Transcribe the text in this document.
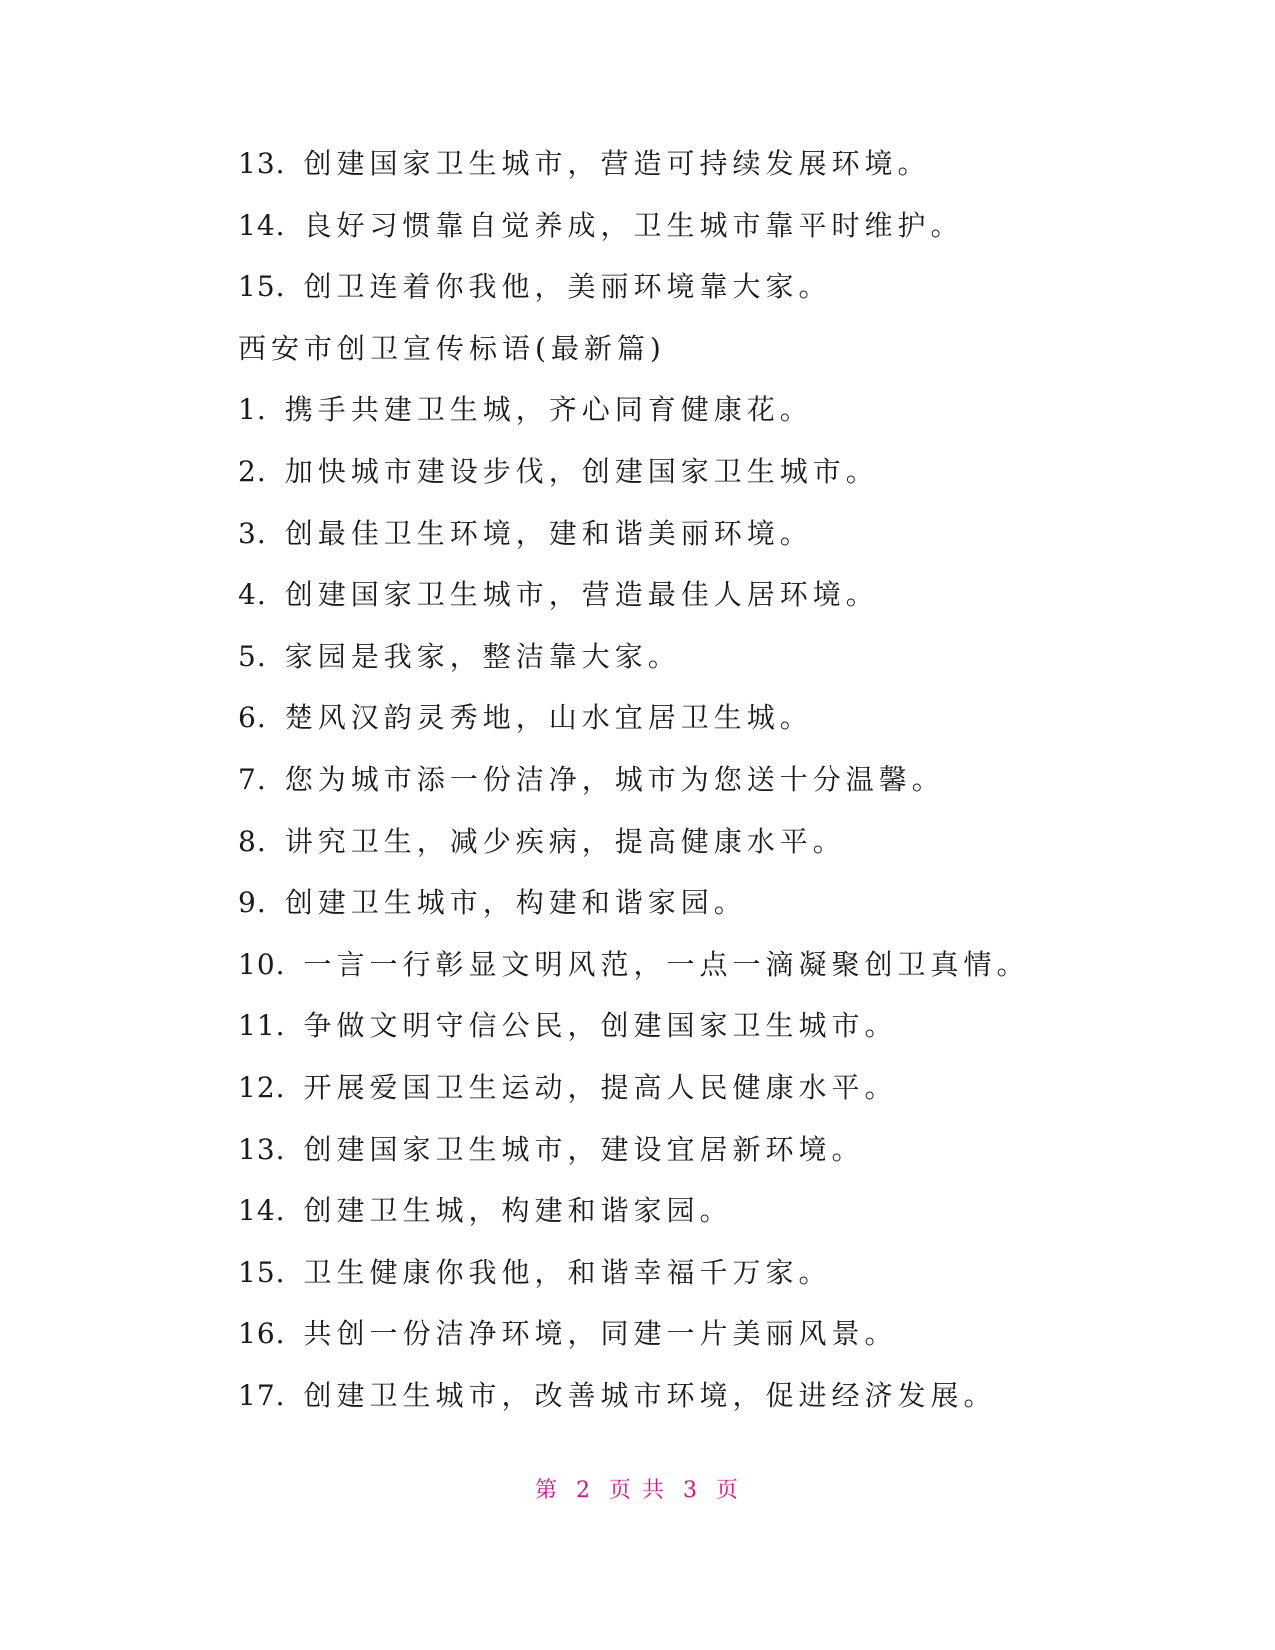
13. 创建国家卫生城市，营造可持续发展环境。
14. 良好习惯靠自觉养成，卫生城市靠平时维护。
15. 创卫连着你我他，美丽环境靠大家。
西安市创卫宣传标语(最新篇)
1. 携手共建卫生城，齐心同育健康花。
2. 加快城市建设步伐，创建国家卫生城市。
3. 创最佳卫生环境，建和谐美丽环境。
4. 创建国家卫生城市，营造最佳人居环境。
5. 家园是我家，整洁靠大家。
6. 楚风汉韵灵秀地，山水宜居卫生城。
7. 您为城市添一份洁净，城市为您送十分温馨。
8. 讲究卫生，减少疾病，提高健康水平。
9. 创建卫生城市，构建和谐家园。
10. 一言一行彰显文明风范，一点一滴凝聚创卫真情。
11. 争做文明守信公民，创建国家卫生城市。
12. 开展爱国卫生运动，提高人民健康水平。
13. 创建国家卫生城市，建设宜居新环境。
14. 创建卫生城，构建和谐家园。
15. 卫生健康你我他，和谐幸福千万家。
16. 共创一份洁净环境，同建一片美丽风景。
17. 创建卫生城市，改善城市环境，促进经济发展。
第 2 页 共 3 页
